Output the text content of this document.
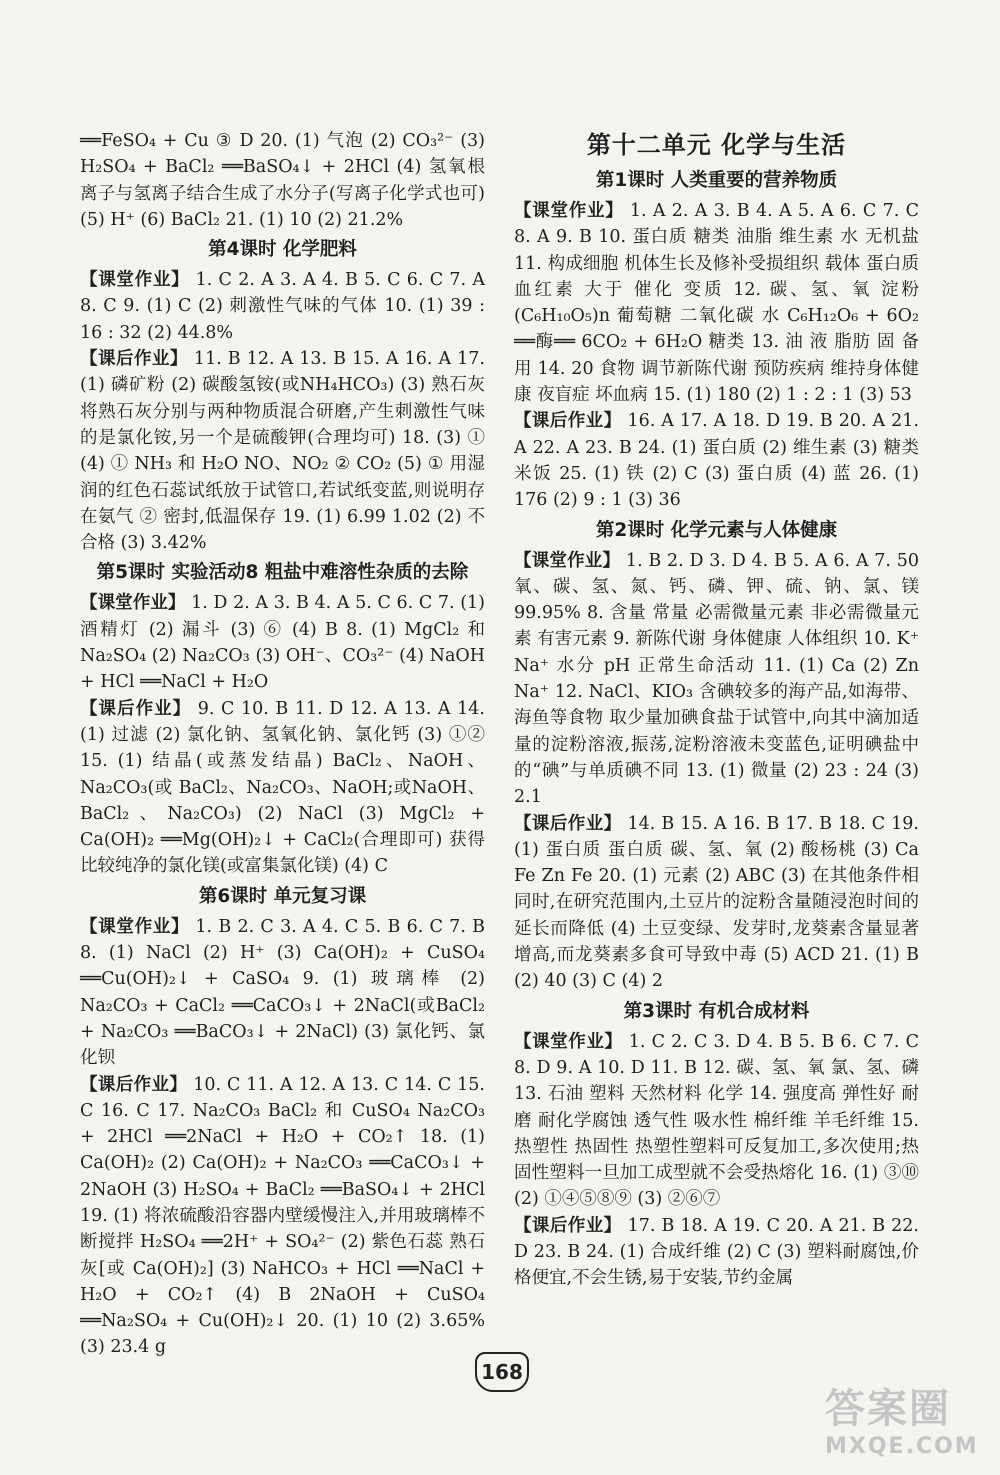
══FeSO₄ + Cu ③ D 20. (1) 气泡 (2) CO₃²⁻ (3) H₂SO₄ + BaCl₂ ══BaSO₄↓ + 2HCl (4) 氢氧根离子与氢离子结合生成了水分子(写离子化学式也可) (5) H⁺ (6) BaCl₂ 21. (1) 10 (2) 21.2%

第4课时 化学肥料

【课堂作业】 1. C 2. A 3. A 4. B 5. C 6. C 7. A 8. C 9. (1) C (2) 刺激性气味的气体 10. (1) 39 : 16 : 32 (2) 44.8%

【课后作业】 11. B 12. A 13. B 15. A 16. A 17. (1) 磷矿粉 (2) 碳酸氢铵(或NH₄HCO₃) (3) 熟石灰 将熟石灰分别与两种物质混合研磨,产生刺激性气味的是氯化铵,另一个是硫酸钾(合理均可) 18. (3) ① (4) ① NH₃ 和 H₂O NO、NO₂ ② CO₂ (5) ① 用湿润的红色石蕊试纸放于试管口,若试纸变蓝,则说明存在氨气 ② 密封,低温保存 19. (1) 6.99 1.02 (2) 不合格 (3) 3.42%

第5课时 实验活动8 粗盐中难溶性杂质的去除

【课堂作业】 1. D 2. A 3. B 4. A 5. C 6. C 7. (1) 酒精灯 (2) 漏斗 (3) ⑥ (4) B 8. (1) MgCl₂ 和 Na₂SO₄ (2) Na₂CO₃ (3) OH⁻、CO₃²⁻ (4) NaOH + HCl ══NaCl + H₂O

【课后作业】 9. C 10. B 11. D 12. A 13. A 14. (1) 过滤 (2) 氯化钠、氢氧化钠、氯化钙 (3) ①② 15. (1) 结晶(或蒸发结晶) BaCl₂、NaOH、Na₂CO₃(或 BaCl₂、Na₂CO₃、NaOH;或NaOH、BaCl₂、Na₂CO₃) (2) NaCl (3) MgCl₂ + Ca(OH)₂ ══Mg(OH)₂↓ + CaCl₂(合理即可) 获得比较纯净的氯化镁(或富集氯化镁) (4) C

第6课时 单元复习课

【课堂作业】 1. B 2. C 3. A 4. C 5. B 6. C 7. B 8. (1) NaCl (2) H⁺ (3) Ca(OH)₂ + CuSO₄ ══Cu(OH)₂↓ + CaSO₄ 9. (1) 玻璃棒 (2) Na₂CO₃ + CaCl₂ ══CaCO₃↓ + 2NaCl(或BaCl₂ + Na₂CO₃ ══BaCO₃↓ + 2NaCl) (3) 氯化钙、氯化钡

【课后作业】 10. C 11. A 12. A 13. C 14. C 15. C 16. C 17. Na₂CO₃ BaCl₂ 和 CuSO₄ Na₂CO₃ + 2HCl ══2NaCl + H₂O + CO₂↑ 18. (1) Ca(OH)₂ (2) Ca(OH)₂ + Na₂CO₃ ══CaCO₃↓ + 2NaOH (3) H₂SO₄ + BaCl₂ ══BaSO₄↓ + 2HCl 19. (1) 将浓硫酸沿容器内壁缓慢注入,并用玻璃棒不断搅拌 H₂SO₄ ══2H⁺ + SO₄²⁻ (2) 紫色石蕊 熟石灰[或 Ca(OH)₂] (3) NaHCO₃ + HCl ══NaCl + H₂O + CO₂↑ (4) B 2NaOH + CuSO₄ ══Na₂SO₄ + Cu(OH)₂↓ 20. (1) 10 (2) 3.65% (3) 23.4 g

第十二单元 化学与生活
第1课时 人类重要的营养物质

【课堂作业】 1. A 2. A 3. B 4. A 5. A 6. C 7. C 8. A 9. B 10. 蛋白质 糖类 油脂 维生素 水 无机盐 11. 构成细胞 机体生长及修补受损组织 载体 蛋白质 血红素 大于 催化 变质 12. 碳、氢、氧 淀粉 (C₆H₁₀O₅)n 葡萄糖 二氧化碳 水 C₆H₁₂O₆ + 6O₂ ══酶══ 6CO₂ + 6H₂O 糖类 13. 油 液 脂肪 固 备用 14. 20 食物 调节新陈代谢 预防疾病 维持身体健康 夜盲症 坏血病 15. (1) 180 (2) 1 : 2 : 1 (3) 53

【课后作业】 16. A 17. A 18. D 19. B 20. A 21. A 22. A 23. B 24. (1) 蛋白质 (2) 维生素 (3) 糖类 米饭 25. (1) 铁 (2) C (3) 蛋白质 (4) 蓝 26. (1) 176 (2) 9 : 1 (3) 36

第2课时 化学元素与人体健康

【课堂作业】 1. B 2. D 3. D 4. B 5. A 6. A 7. 50 氧、碳、氢、氮、钙、磷、钾、硫、钠、氯、镁 99.95% 8. 含量 常量 必需微量元素 非必需微量元素 有害元素 9. 新陈代谢 身体健康 人体组织 10. K⁺ Na⁺ 水分 pH 正常生命活动 11. (1) Ca (2) Zn Na⁺ 12. NaCl、KIO₃ 含碘较多的海产品,如海带、海鱼等食物 取少量加碘食盐于试管中,向其中滴加适量的淀粉溶液,振荡,淀粉溶液未变蓝色,证明碘盐中的“碘”与单质碘不同 13. (1) 微量 (2) 23 : 24 (3) 2.1

【课后作业】 14. B 15. A 16. B 17. B 18. C 19. (1) 蛋白质 蛋白质 碳、氢、氧 (2) 酸杨桃 (3) Ca Fe Zn Fe 20. (1) 元素 (2) ABC (3) 在其他条件相同时,在研究范围内,土豆片的淀粉含量随浸泡时间的延长而降低 (4) 土豆变绿、发芽时,龙葵素含量显著增高,而龙葵素多食可导致中毒 (5) ACD 21. (1) B (2) 40 (3) C (4) 2

第3课时 有机合成材料

【课堂作业】 1. C 2. C 3. D 4. B 5. B 6. C 7. C 8. D 9. A 10. D 11. B 12. 碳、氢、氧 氯、氢、磷 13. 石油 塑料 天然材料 化学 14. 强度高 弹性好 耐磨 耐化学腐蚀 透气性 吸水性 棉纤维 羊毛纤维 15. 热塑性 热固性 热塑性塑料可反复加工,多次使用;热固性塑料一旦加工成型就不会受热熔化 16. (1) ③⑩ (2) ①④⑤⑧⑨ (3) ②⑥⑦

【课后作业】 17. B 18. A 19. C 20. A 21. B 22. D 23. B 24. (1) 合成纤维 (2) C (3) 塑料耐腐蚀,价格便宜,不会生锈,易于安装,节约金属

168
答案圈
MXQE.COM
